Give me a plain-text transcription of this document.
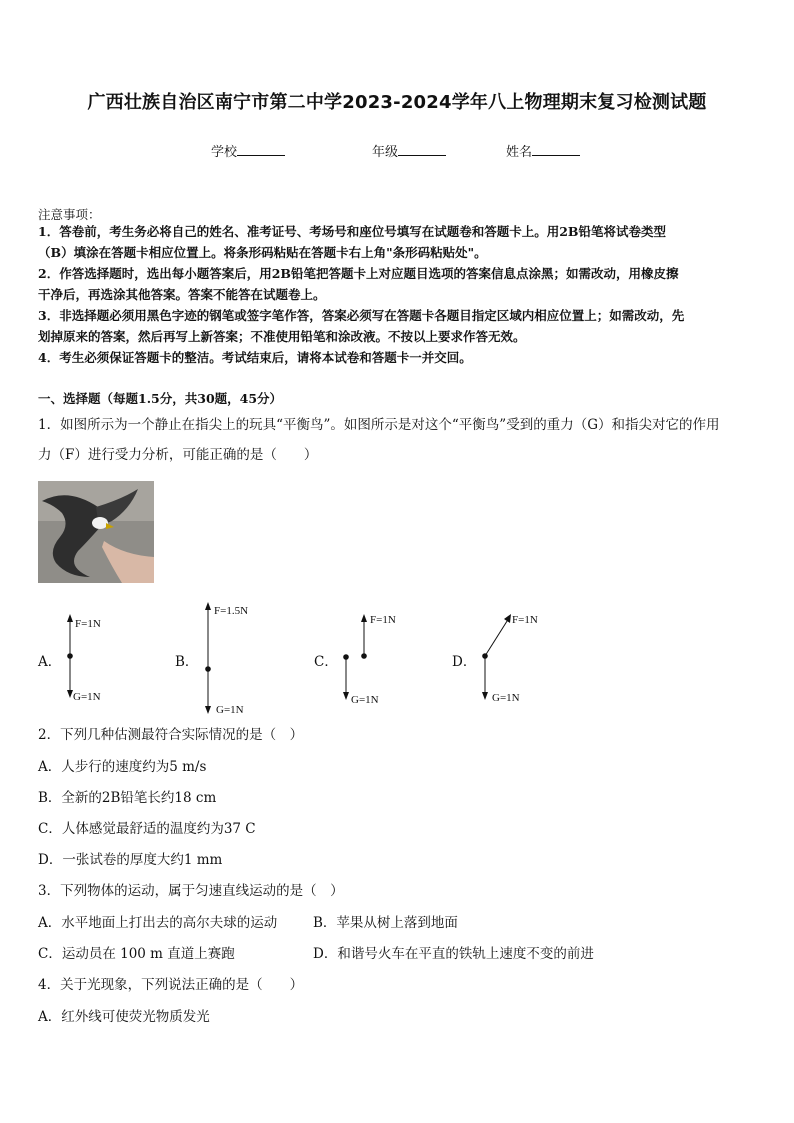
广西壮族自治区南宁市第二中学2023-2024学年八上物理期末复习检测试题
学校	年级	姓名
注意事项：
1．答卷前，考生务必将自己的姓名、准考证号、考场号和座位号填写在试题卷和答题卡上。用2B铅笔将试卷类型
（B）填涂在答题卡相应位置上。将条形码粘贴在答题卡右上角"条形码粘贴处"。
2．作答选择题时，选出每小题答案后，用2B铅笔把答题卡上对应题目选项的答案信息点涂黑；如需改动，用橡皮擦
干净后，再选涂其他答案。答案不能答在试题卷上。
3．非选择题必须用黑色字迹的钢笔或签字笔作答，答案必须写在答题卡各题目指定区域内相应位置上；如需改动，先
划掉原来的答案，然后再写上新答案；不准使用铅笔和涂改液。不按以上要求作答无效。
4．考生必须保证答题卡的整洁。考试结束后，请将本试卷和答题卡一并交回。
一、选择题（每题1.5分，共30题，45分）
1．如图所示为一个静止在指尖上的玩具“平衡鸟”。如图所示是对这个“平衡鸟”受到的重力（G）和指尖对它的作用
力（F）进行受力分析，可能正确的是（　　）
A．
F=1N
G=1N
B．
F=1.5N
G=1N
C．
F=1N
G=1N
D．
F=1N
G=1N
2．下列几种估测最符合实际情况的是（　）
A．人步行的速度约为5 m/s
B．全新的2B铅笔长约18 cm
C．人体感觉最舒适的温度约为37 C
D．一张试卷的厚度大约1 mm
3．下列物体的运动，属于匀速直线运动的是（　）
A．水平地面上打出去的高尔夫球的运动	B．苹果从树上落到地面
C．运动员在 100 m 直道上赛跑	D．和谐号火车在平直的铁轨上速度不变的前进
4．关于光现象，下列说法正确的是（　　）
A．红外线可使荧光物质发光
